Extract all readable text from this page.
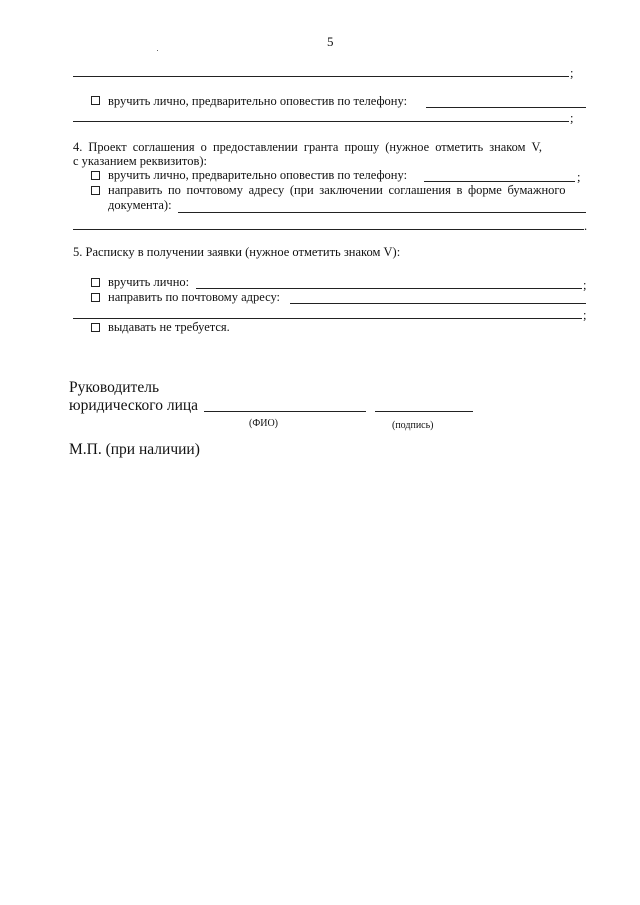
5
;
вручить лично, предварительно оповестив по телефону:
;
4. Проект соглашения о предоставлении гранта прошу (нужное отметить знаком V,
с указанием реквизитов):
вручить лично, предварительно оповестив по телефону:	;
направить по почтовому адресу (при заключении соглашения в форме бумажного
документа):
.
5. Расписку в получении заявки (нужное отметить знаком V):
вручить лично:	;
направить по почтовому адресу:
;
выдавать не требуется.
Руководитель
юридического лица
(ФИО)	(подпись)
М.П. (при наличии)
